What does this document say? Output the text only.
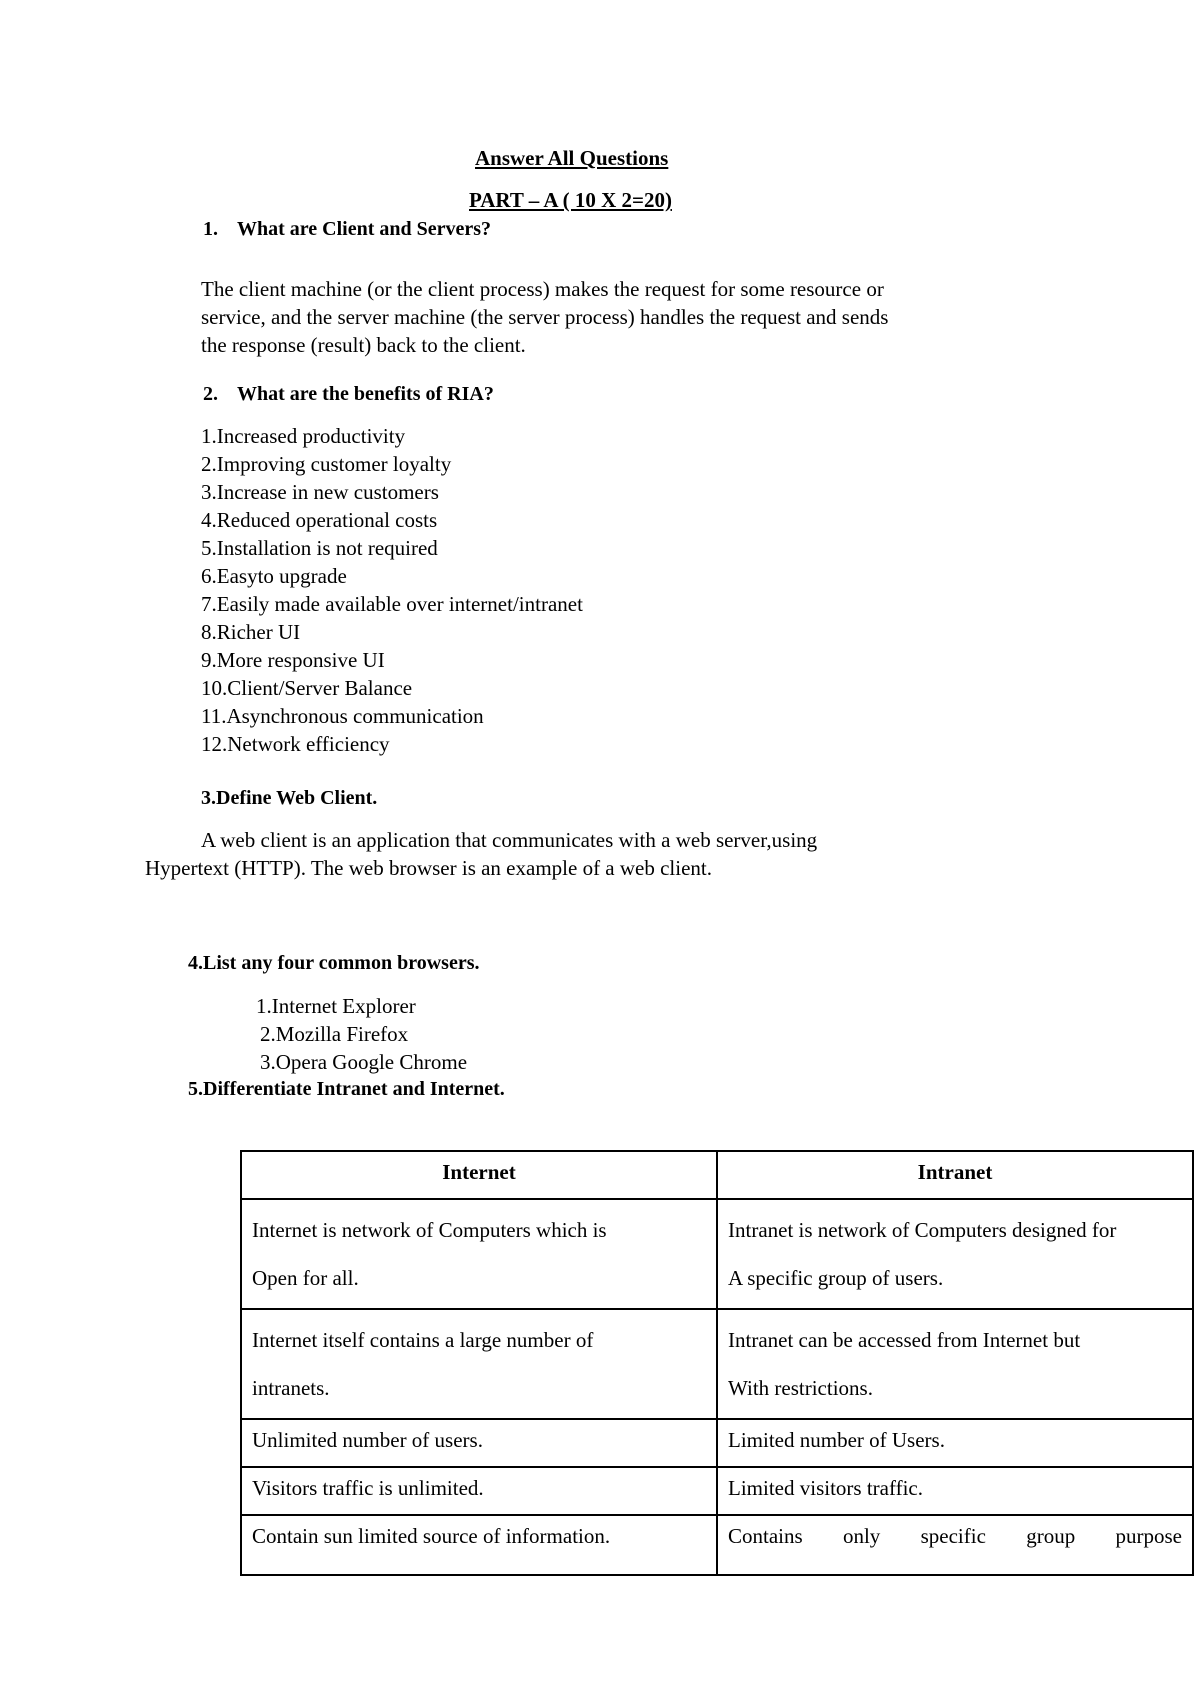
Answer All Questions
PART – A ( 10 X 2=20)
1. What are Client and Servers?
The client machine (or the client process) makes the request for some resource or
service, and the server machine (the server process) handles the request and sends
the response (result) back to the client.
2. What are the benefits of RIA?
1.Increased productivity
2.Improving customer loyalty
3.Increase in new customers
4.Reduced operational costs
5.Installation is not required
6.Easyto upgrade
7.Easily made available over internet/intranet
8.Richer UI
9.More responsive UI
10.Client/Server Balance
11.Asynchronous communication
12.Network efficiency
3.Define Web Client.
A web client is an application that communicates with a web server,using
Hypertext (HTTP). The web browser is an example of a web client.
4.List any four common browsers.
1.Internet Explorer
2.Mozilla Firefox
3.Opera Google Chrome
5.Differentiate Intranet and Internet.
Internet	Intranet

Internet is network of Computers which is
Open for all.	Intranet is network of Computers designed for
A specific group of users.

Internet itself contains a large number of
intranets.	Intranet can be accessed from Internet but
With restrictions.

Unlimited number of users.	Limited number of Users.
Visitors traffic is unlimited.	Limited visitors traffic.
Contain sun limited source of information.	Contains only specific group purpose
